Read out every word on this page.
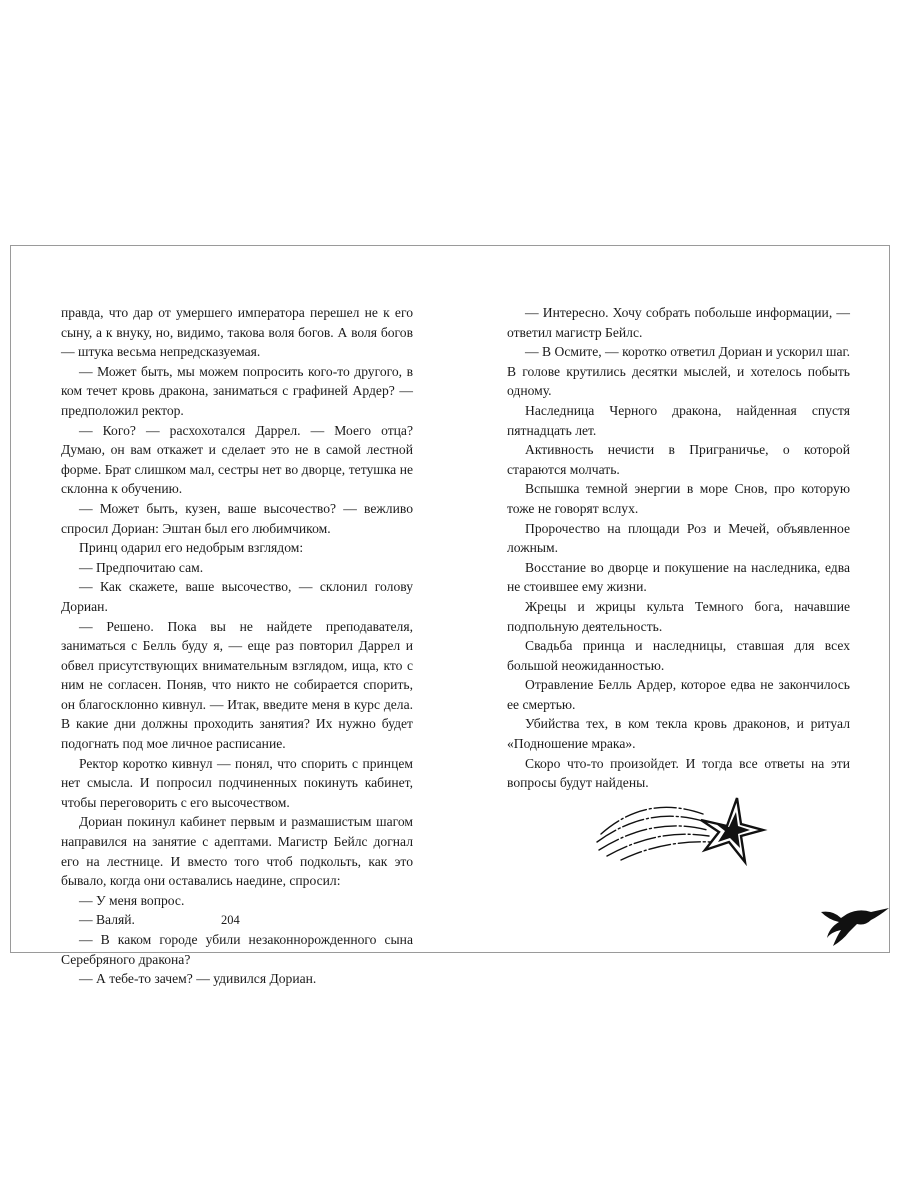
правда, что дар от умершего императора перешел не к его сыну, а к внуку, но, видимо, такова воля богов. А воля богов — штука весьма непредсказуемая.

— Может быть, мы можем попросить кого-то другого, в ком течет кровь дракона, заниматься с графиней Ардер? — предположил ректор.

— Кого? — расхохотался Даррел. — Моего отца? Думаю, он вам откажет и сделает это не в самой лестной форме. Брат слишком мал, сестры нет во дворце, тетушка не склонна к обучению.

— Может быть, кузен, ваше высочество? — вежливо спросил Дориан: Эштан был его любимчиком.

Принц одарил его недобрым взглядом:

— Предпочитаю сам.

— Как скажете, ваше высочество, — склонил голову Дориан.

— Решено. Пока вы не найдете преподавателя, заниматься с Белль буду я, — еще раз повторил Даррел и обвел присутствующих внимательным взглядом, ища, кто с ним не согласен. Поняв, что никто не собирается спорить, он благосклонно кивнул. — Итак, введите меня в курс дела. В какие дни должны проходить занятия? Их нужно будет подогнать под мое личное расписание.

Ректор коротко кивнул — понял, что спорить с принцем нет смысла. И попросил подчиненных покинуть кабинет, чтобы переговорить с его высочеством.

Дориан покинул кабинет первым и размашистым шагом направился на занятие с адептами. Магистр Бейлс догнал его на лестнице. И вместо того чтоб подкольть, как это бывало, когда они оставались наедине, спросил:

— У меня вопрос.

— Валяй.

— В каком городе убили незаконнорожденного сына Серебряного дракона?

— А тебе-то зачем? — удивился Дориан.

204

— Интересно. Хочу собрать побольше информации, — ответил магистр Бейлс.

— В Осмите, — коротко ответил Дориан и ускорил шаг. В голове крутились десятки мыслей, и хотелось побыть одному.

Наследница Черного дракона, найденная спустя пятнадцать лет.

Активность нечисти в Приграничье, о которой стараются молчать.

Вспышка темной энергии в море Снов, про которую тоже не говорят вслух.

Пророчество на площади Роз и Мечей, объявленное ложным.

Восстание во дворце и покушение на наследника, едва не стоившее ему жизни.

Жрецы и жрицы культа Темного бога, начавшие подпольную деятельность.

Свадьба принца и наследницы, ставшая для всех большой неожиданностью.

Отравление Белль Ардер, которое едва не закончилось ее смертью.

Убийства тех, в ком текла кровь драконов, и ритуал «Подношение мрака».

Скоро что-то произойдет. И тогда все ответы на эти вопросы будут найдены.
